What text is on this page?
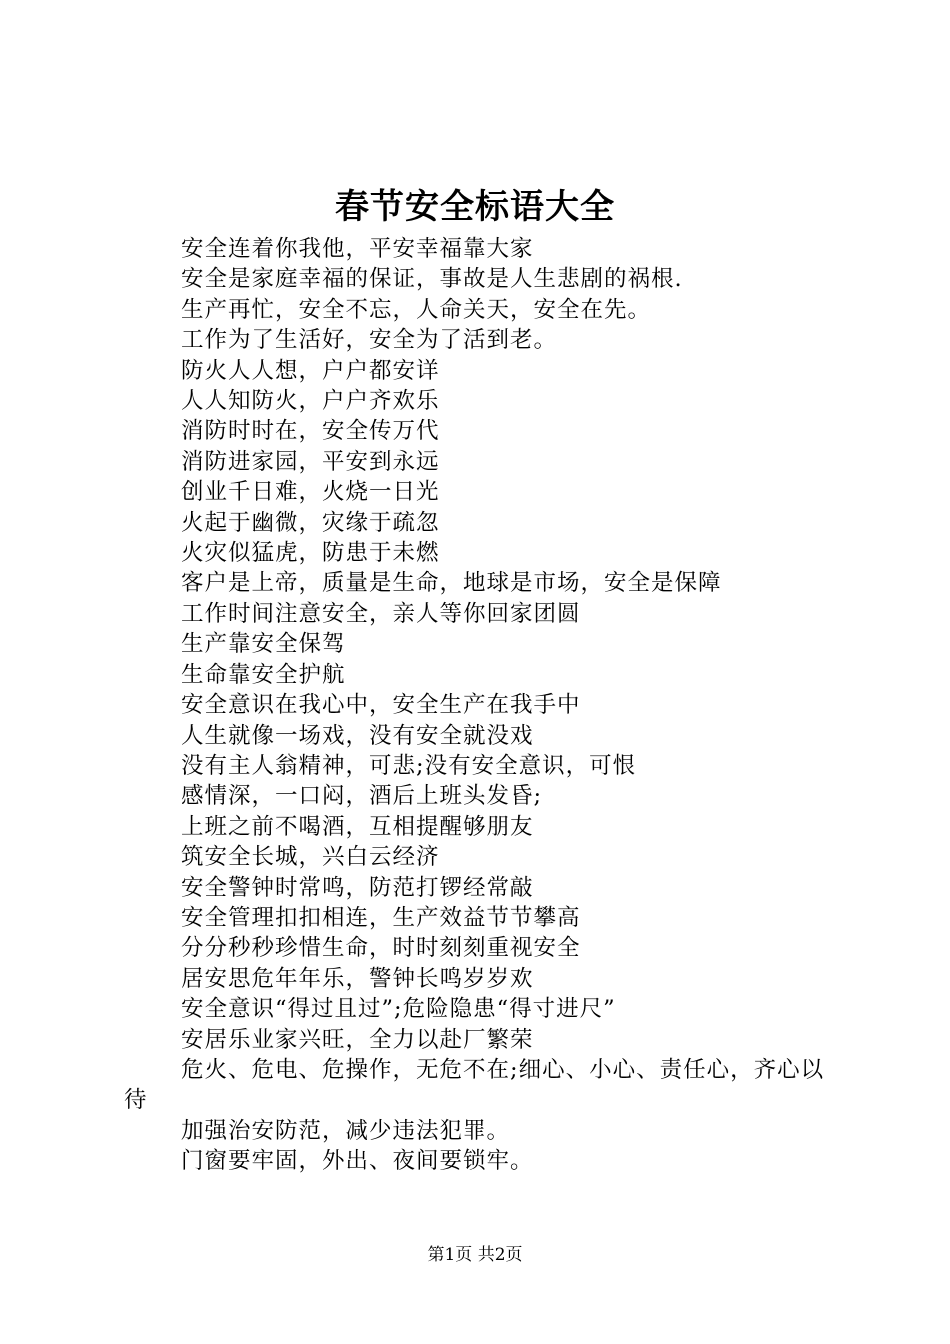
春节安全标语大全
安全连着你我他，平安幸福靠大家
安全是家庭幸福的保证，事故是人生悲剧的祸根.
生产再忙，安全不忘，人命关天，安全在先。
工作为了生活好，安全为了活到老。
防火人人想，户户都安详
人人知防火，户户齐欢乐
消防时时在，安全传万代
消防进家园，平安到永远
创业千日难，火烧一日光
火起于幽微，灾缘于疏忽
火灾似猛虎，防患于未燃
客户是上帝，质量是生命，地球是市场，安全是保障
工作时间注意安全，亲人等你回家团圆
生产靠安全保驾
生命靠安全护航
安全意识在我心中，安全生产在我手中
人生就像一场戏，没有安全就没戏
没有主人翁精神，可悲;没有安全意识，可恨
感情深，一口闷，酒后上班头发昏;
上班之前不喝酒，互相提醒够朋友
筑安全长城，兴白云经济
安全警钟时常鸣，防范打锣经常敲
安全管理扣扣相连，生产效益节节攀高
分分秒秒珍惜生命，时时刻刻重视安全
居安思危年年乐，警钟长鸣岁岁欢
安全意识“得过且过”;危险隐患“得寸进尺”
安居乐业家兴旺，全力以赴厂繁荣
危火、危电、危操作，无危不在;细心、小心、责任心，齐心以待
加强治安防范，减少违法犯罪。
门窗要牢固，外出、夜间要锁牢。
第1页 共2页
